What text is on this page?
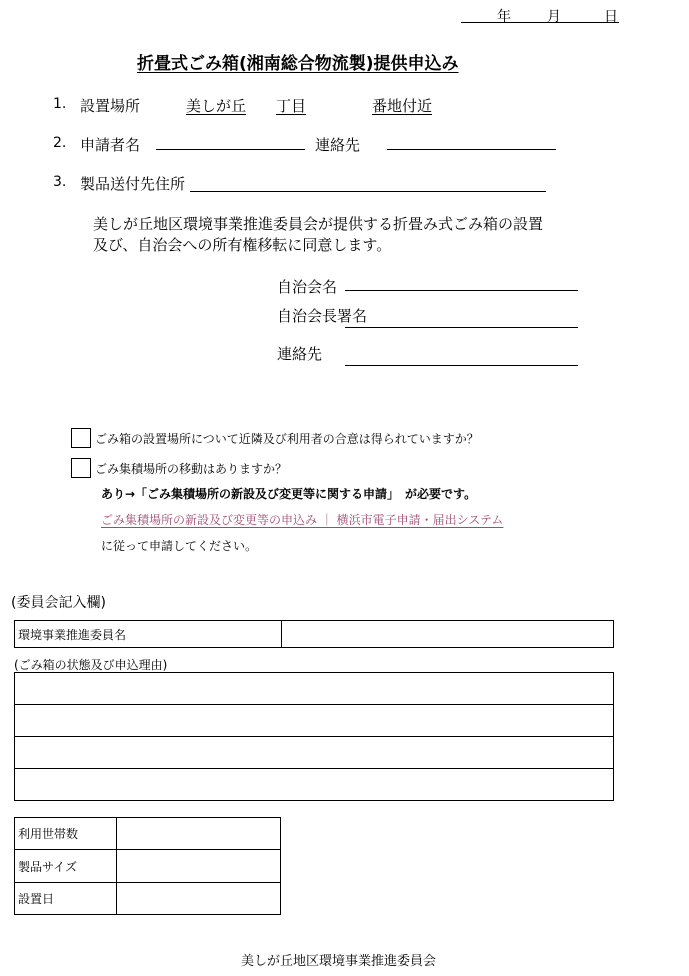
年	月	日
折畳式ごみ箱(湘南総合物流製)提供申込み
1. 設置場所	美しが丘	丁目	番地付近
2. 申請者名	連絡先
3. 製品送付先住所
美しが丘地区環境事業推進委員会が提供する折畳み式ごみ箱の設置
及び、自治会への所有権移転に同意します。
自治会名
自治会長署名
連絡先
ごみ箱の設置場所について近隣及び利用者の合意は得られていますか？
ごみ集積場所の移動はありますか？
あり→「ごみ集積場所の新設及び変更等に関する申請」　が必要です。
ごみ集積場所の新設及び変更等の申込み ｜ 横浜市電子申請・届出システム
に従って申請してください。
(委員会記入欄)
環境事業推進委員名	
(ごみ箱の状態及び申込理由)

利用世帯数	
製品サイズ	
設置日	
美しが丘地区環境事業推進委員会
